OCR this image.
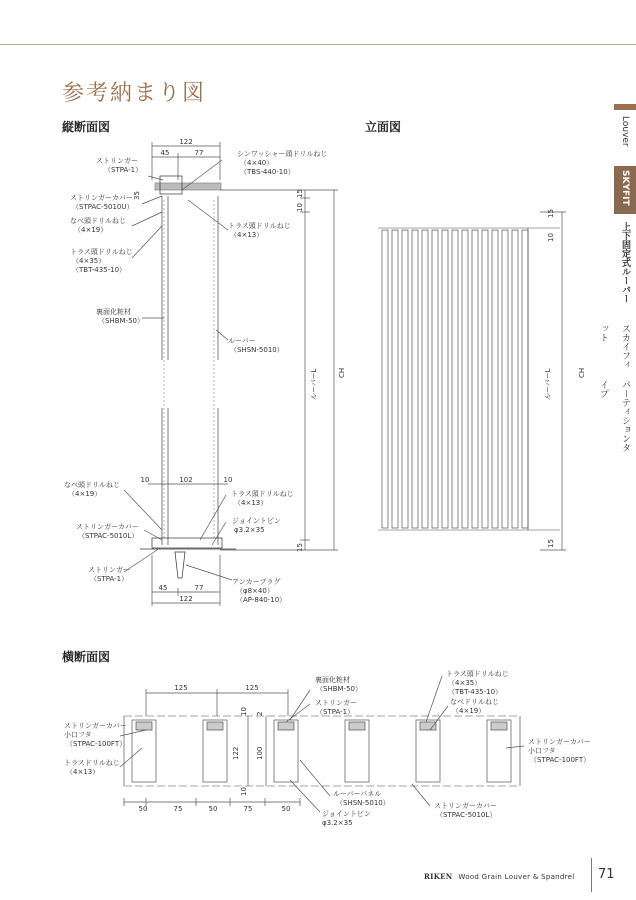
参考納まり図
縦断面図	立面図
横断面図
Louver
SKYFIT
上下固定式ルーバー
スカイフィット
パーティションタイプ
122
45	77
10	102	10
45	77
122
35	15
10
15
ルーバーL	CH
ストリンガー（STPA-1）
ストリンガーカバー（STPAC-5010U）
なべ頭ドリルねじ（4×19）
トラス頭ドリルねじ（4×35）（TBT-435-10）
裏面化粧材（SHBM-50）
なべ頭ドリルねじ（4×19）
ストリンガーカバー（STPAC-5010L）
ストリンガー（STPA-1）
シンワッシャー頭ドリルねじ（4×40）（TBS-440-10）
トラス頭ドリルねじ（4×13）
ルーバー（SHSN-5010）
トラス頭ドリルねじ（4×13）
ジョイントピン φ3.2×35
アンカープラグ（φ8×40）（AP-840-10）
15
10
15
ルーバーL	CH
125	125
10 2
122 100
10
50	75	50	75	50
ストリンガーカバー小口フタ（STPAC-100FT）
トラスドリルねじ（4×13）
裏面化粧材（SHBM-50）
ストリンガー（STPA-1）
トラス頭ドリルねじ（4×35）（TBT-435-10）
なべドリルねじ（4×19）
ストリンガーカバー小口フタ（STPAC-100FT）
ルーバーパネル（SHSN-5010）
ジョイントピン φ3.2×35
ストリンガーカバー（STPAC-5010L）
RIKEN Wood Grain Louver & Spandrel 71
